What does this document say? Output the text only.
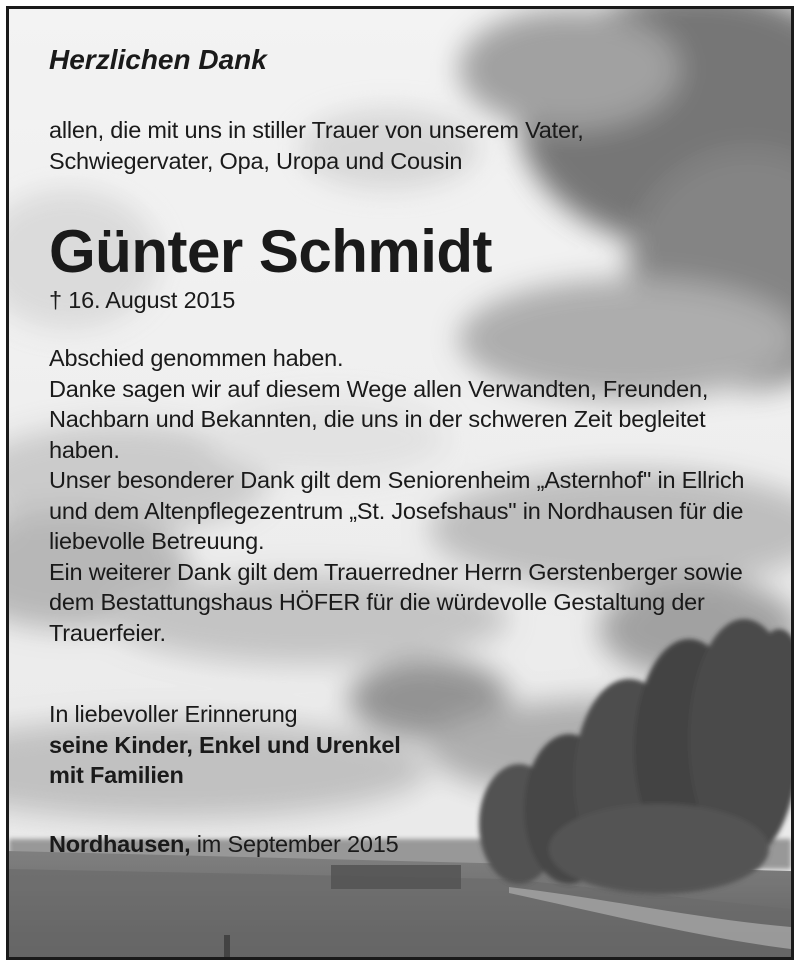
Herzlichen Dank

allen, die mit uns in stiller Trauer von unserem Vater,
Schwiegervater, Opa, Uropa und Cousin

Günter Schmidt

† 16. August 2015

Abschied genommen haben.
Danke sagen wir auf diesem Wege allen Verwandten, Freunden,
Nachbarn und Bekannten, die uns in der schweren Zeit begleitet
haben.
Unser besonderer Dank gilt dem Seniorenheim „Asternhof" in Ellrich
und dem Altenpflegezentrum „St. Josefshaus" in Nordhausen für die
liebevolle Betreuung.
Ein weiterer Dank gilt dem Trauerredner Herrn Gerstenberger sowie
dem Bestattungshaus HÖFER für die würdevolle Gestaltung der
Trauerfeier.

In liebevoller Erinnerung
seine Kinder, Enkel und Urenkel
mit Familien

Nordhausen, im September 2015
